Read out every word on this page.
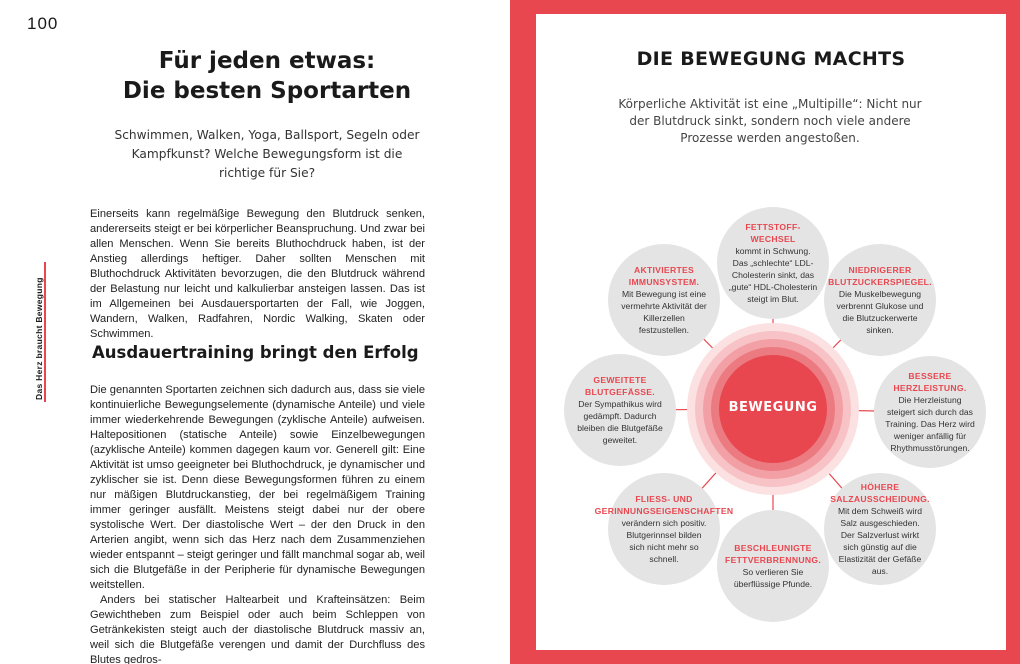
100
Das Herz braucht Bewegung
Für jeden etwas:
Die besten Sportarten
Schwimmen, Walken, Yoga, Ballsport, Segeln oder Kampfkunst? Welche Bewegungsform ist die richtige für Sie?

Einerseits kann regelmäßige Bewegung den Blutdruck senken, andererseits steigt er bei körperlicher Beanspruchung. Und zwar bei allen Menschen. Wenn Sie bereits Bluthochdruck haben, ist der Anstieg allerdings heftiger. Daher sollten Menschen mit Bluthochdruck Aktivitäten bevorzugen, die den Blutdruck während der Belastung nur leicht und kalkulierbar ansteigen lassen. Das ist im Allgemeinen bei Ausdauersportarten der Fall, wie Joggen, Wandern, Walken, Radfahren, Nordic Walking, Skaten oder Schwimmen.

Ausdauertraining bringt den Erfolg

Die genannten Sportarten zeichnen sich dadurch aus, dass sie viele kontinuierliche Bewegungselemente (dynamische Anteile) und viele immer wiederkehrende Bewegungen (zyklische Anteile) aufweisen. Haltepositionen (statische Anteile) sowie Einzelbewegungen (azyklische Anteile) kommen dagegen kaum vor. Generell gilt: Eine Aktivität ist umso geeigneter bei Bluthochdruck, je dynamischer und zyklischer sie ist. Denn diese Bewegungsformen führen zu einem nur mäßigen Blutdruckanstieg, der bei regelmäßigem Training immer geringer ausfällt. Meistens steigt dabei nur der obere systolische Wert. Der diastolische Wert – der den Druck in den Arterien angibt, wenn sich das Herz nach dem Zusammenziehen wieder entspannt – steigt geringer und fällt manchmal sogar ab, weil sich die Blutgefäße in der Peripherie für dynamische Bewegungen weitstellen.

Anders bei statischer Haltearbeit und Krafteinsätzen: Beim Gewichtheben zum Beispiel oder auch beim Schleppen von Getränkekisten steigt auch der diastolische Blutdruck massiv an, weil sich die Blutgefäße verengen und damit der Durchfluss des Blutes gedros-

DIE BEWEGUNG MACHTS
Körperliche Aktivität ist eine „Multipille“: Nicht nur der Blutdruck sinkt, sondern noch viele andere Prozesse werden angestoßen.
BEWEGUNG
FETTSTOFF-WECHSEL
kommt in Schwung. Das „schlechte“ LDL-Cholesterin sinkt, das „gute“ HDL-Cholesterin steigt im Blut.
NIEDRIGERER BLUTZUCKERSPIEGEL.
Die Muskelbewegung verbrennt Glukose und die Blutzuckerwerte sinken.
BESSERE HERZLEISTUNG.
Die Herzleistung steigert sich durch das Training. Das Herz wird weniger anfällig für Rhythmusstörungen.
HÖHERE SALZAUSSCHEIDUNG.
Mit dem Schweiß wird Salz ausgeschieden. Der Salzverlust wirkt sich günstig auf die Elastizität der Gefäße aus.
BESCHLEUNIGTE FETTVERBRENNUNG.
So verlieren Sie überflüssige Pfunde.
FLIESS- UND GERINNUNGSEIGENSCHAFTEN
verändern sich positiv. Blutgerinnsel bilden sich nicht mehr so schnell.
GEWEITETE BLUTGEFÄSSE.
Der Sympathikus wird gedämpft. Dadurch bleiben die Blutgefäße geweitet.
AKTIVIERTES IMMUNSYSTEM.
Mit Bewegung ist eine vermehrte Aktivität der Killerzellen festzustellen.
